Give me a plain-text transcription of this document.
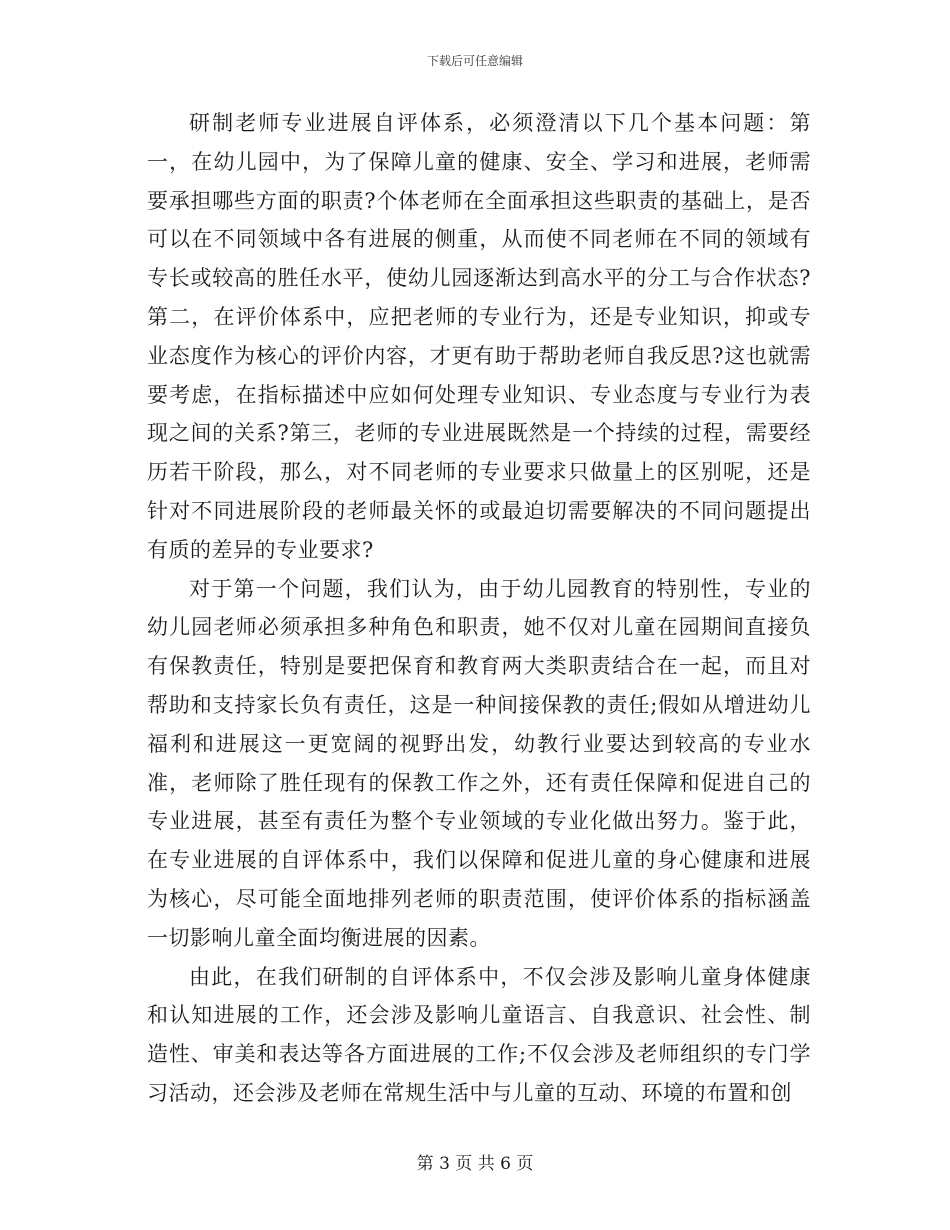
下载后可任意编辑

研制老师专业进展自评体系，必须澄清以下几个基本问题：第一，在幼儿园中，为了保障儿童的健康、安全、学习和进展，老师需要承担哪些方面的职责?个体老师在全面承担这些职责的基础上，是否可以在不同领域中各有进展的侧重，从而使不同老师在不同的领域有专长或较高的胜任水平，使幼儿园逐渐达到高水平的分工与合作状态?第二，在评价体系中，应把老师的专业行为，还是专业知识，抑或专业态度作为核心的评价内容，才更有助于帮助老师自我反思?这也就需要考虑，在指标描述中应如何处理专业知识、专业态度与专业行为表现之间的关系?第三，老师的专业进展既然是一个持续的过程，需要经历若干阶段，那么，对不同老师的专业要求只做量上的区别呢，还是针对不同进展阶段的老师最关怀的或最迫切需要解决的不同问题提出有质的差异的专业要求?

对于第一个问题，我们认为，由于幼儿园教育的特别性，专业的幼儿园老师必须承担多种角色和职责，她不仅对儿童在园期间直接负有保教责任，特别是要把保育和教育两大类职责结合在一起，而且对帮助和支持家长负有责任，这是一种间接保教的责任;假如从增进幼儿福利和进展这一更宽阔的视野出发，幼教行业要达到较高的专业水准，老师除了胜任现有的保教工作之外，还有责任保障和促进自己的专业进展，甚至有责任为整个专业领域的专业化做出努力。鉴于此，在专业进展的自评体系中，我们以保障和促进儿童的身心健康和进展为核心，尽可能全面地排列老师的职责范围，使评价体系的指标涵盖一切影响儿童全面均衡进展的因素。

由此，在我们研制的自评体系中，不仅会涉及影响儿童身体健康和认知进展的工作，还会涉及影响儿童语言、自我意识、社会性、制造性、审美和表达等各方面进展的工作;不仅会涉及老师组织的专门学习活动，还会涉及老师在常规生活中与儿童的互动、环境的布置和创

第 3 页 共 6 页
